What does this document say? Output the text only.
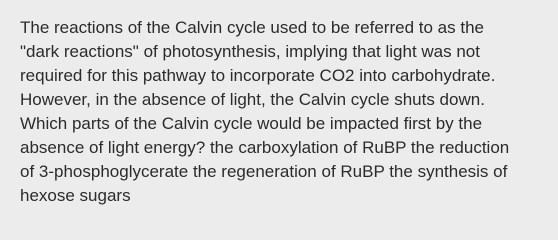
The reactions of the Calvin cycle used to be referred to as the

"dark reactions" of photosynthesis, implying that light was not

required for this pathway to incorporate CO2 into carbohydrate.

However, in the absence of light, the Calvin cycle shuts down.

Which parts of the Calvin cycle would be impacted first by the

absence of light energy? the carboxylation of RuBP the reduction

of 3-phosphoglycerate the regeneration of RuBP the synthesis of

hexose sugars
